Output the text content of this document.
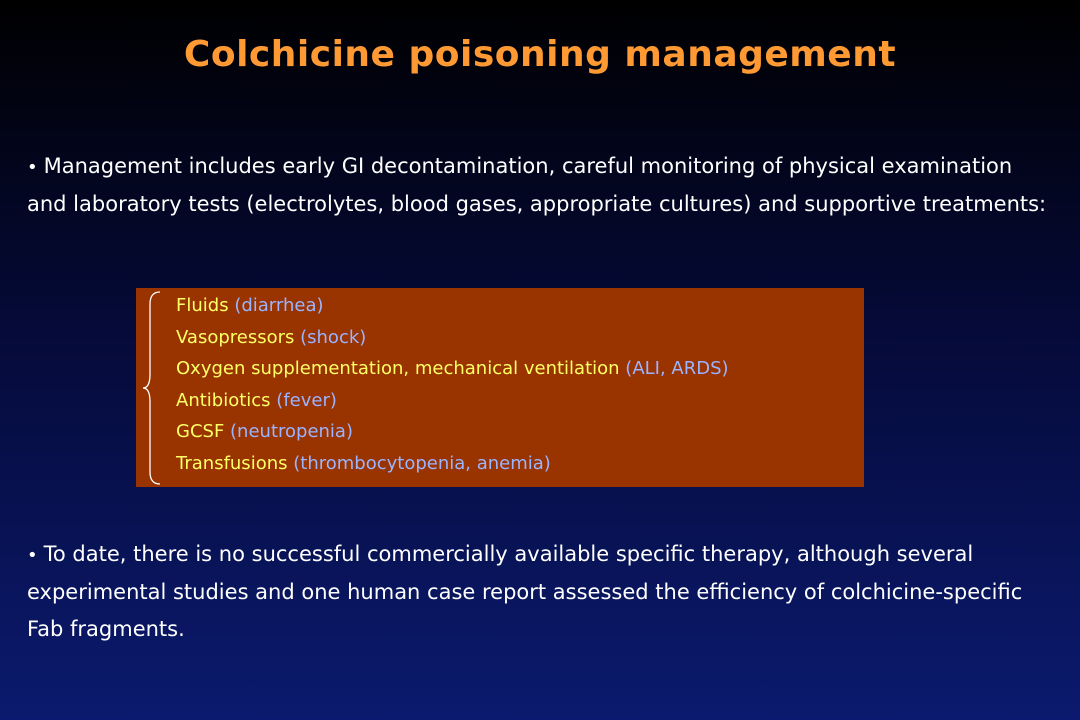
Colchicine poisoning management

• Management includes early GI decontamination, careful monitoring of physical examination and laboratory tests (electrolytes, blood gases, appropriate cultures) and supportive treatments:

Fluids (diarrhea)
Vasopressors (shock)
Oxygen supplementation, mechanical ventilation (ALI, ARDS)
Antibiotics (fever)
GCSF (neutropenia)
Transfusions (thrombocytopenia, anemia)

• To date, there is no successful commercially available specific therapy, although several experimental studies and one human case report assessed the efficiency of colchicine-specific Fab fragments.
